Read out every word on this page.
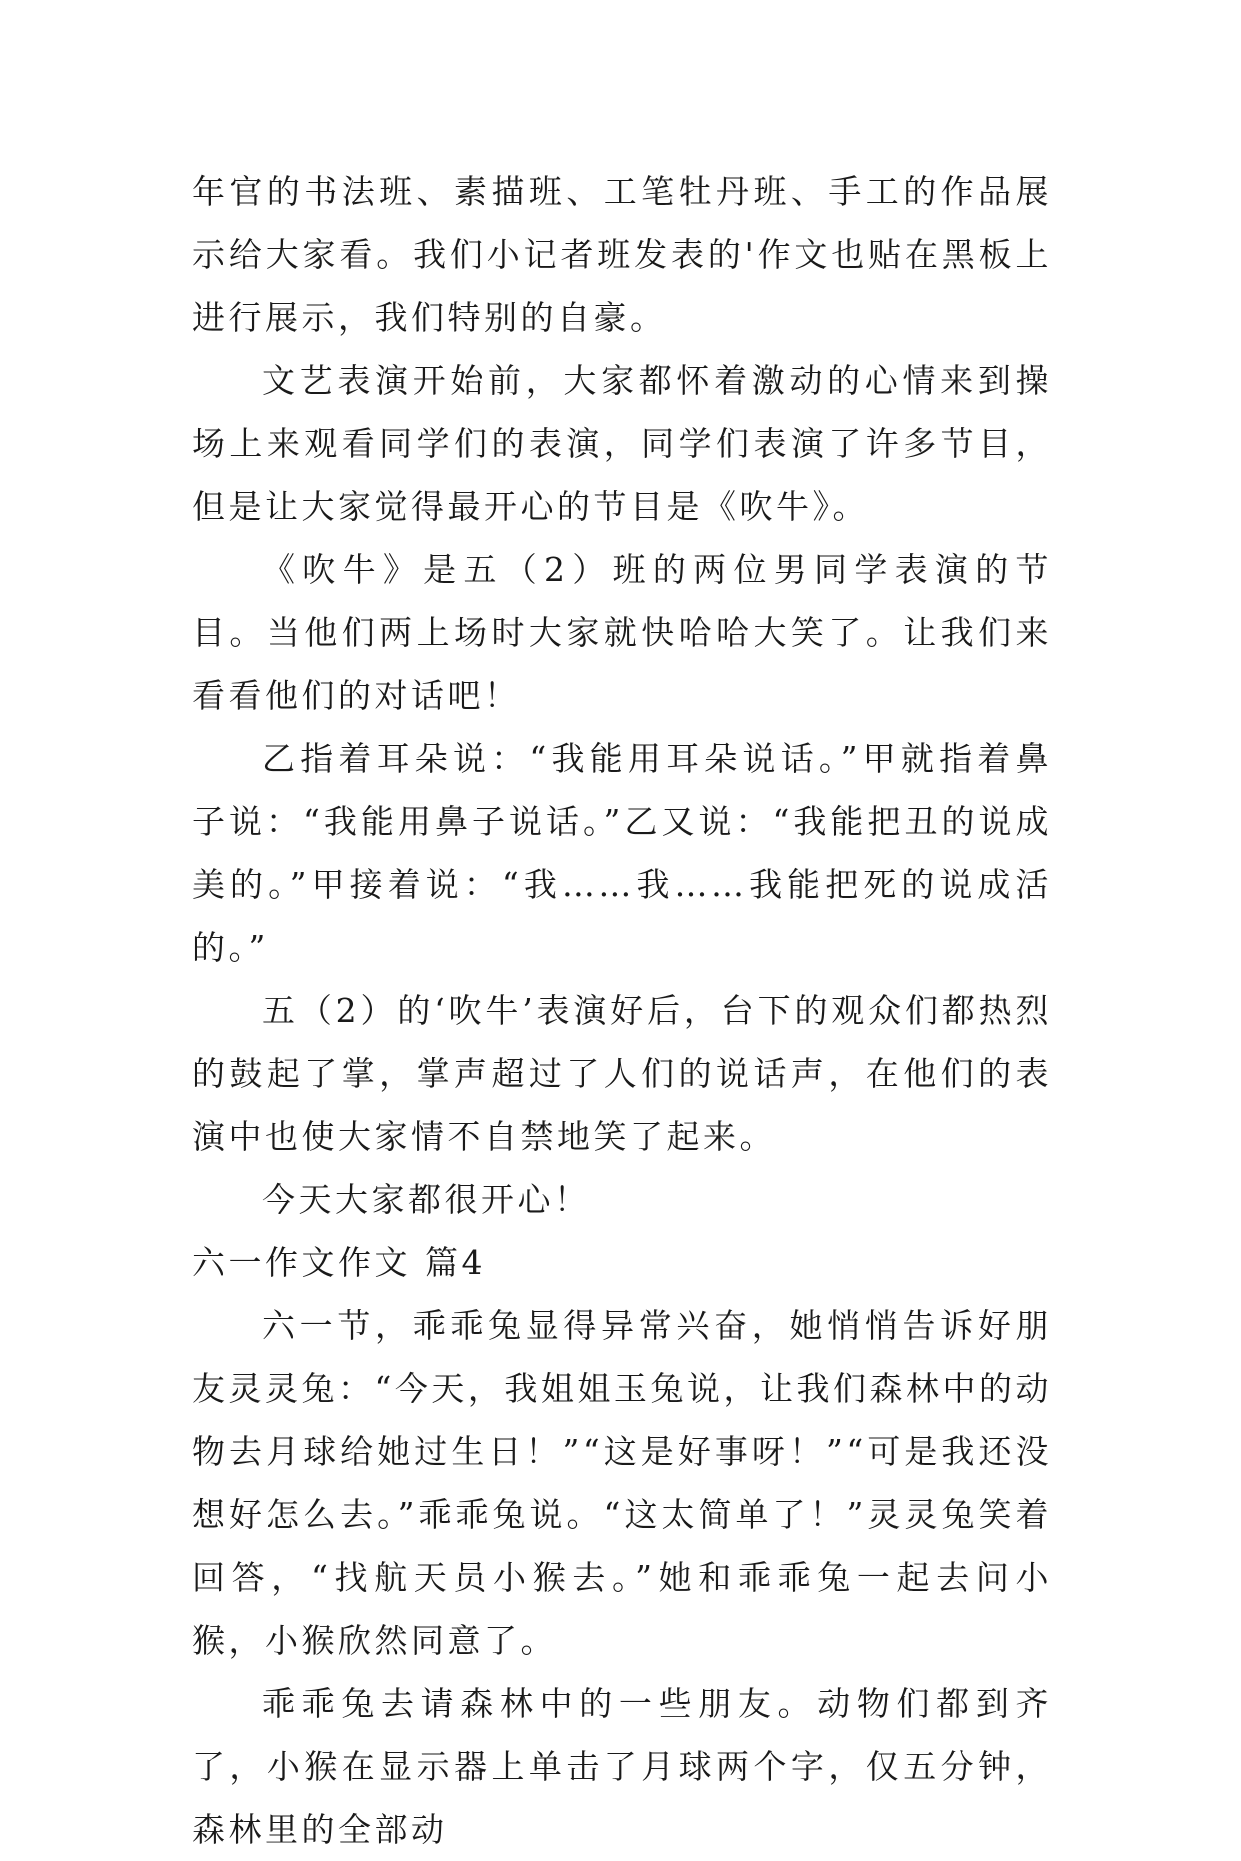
年官的书法班、素描班、工笔牡丹班、手工的作品展示给大家看。我们小记者班发表的'作文也贴在黑板上进行展示，我们特别的自豪。

文艺表演开始前，大家都怀着激动的心情来到操场上来观看同学们的表演，同学们表演了许多节目，但是让大家觉得最开心的节目是《吹牛》。

《吹牛》是五（2）班的两位男同学表演的节目。当他们两上场时大家就快哈哈大笑了。让我们来看看他们的对话吧！

乙指着耳朵说：“我能用耳朵说话。”甲就指着鼻子说：“我能用鼻子说话。”乙又说：“我能把丑的说成美的。”甲接着说：“我……我……我能把死的说成活的。”

五（2）的‘吹牛’表演好后，台下的观众们都热烈的鼓起了掌，掌声超过了人们的说话声，在他们的表演中也使大家情不自禁地笑了起来。

今天大家都很开心！

六一作文作文 篇4

六一节，乖乖兔显得异常兴奋，她悄悄告诉好朋友灵灵兔：“今天，我姐姐玉兔说，让我们森林中的动物去月球给她过生日！”“这是好事呀！”“可是我还没想好怎么去。”乖乖兔说。“这太简单了！”灵灵兔笑着回答，“找航天员小猴去。”她和乖乖兔一起去问小猴，小猴欣然同意了。

乖乖兔去请森林中的一些朋友。动物们都到齐了，小猴在显示器上单击了月球两个字，仅五分钟，森林里的全部动
